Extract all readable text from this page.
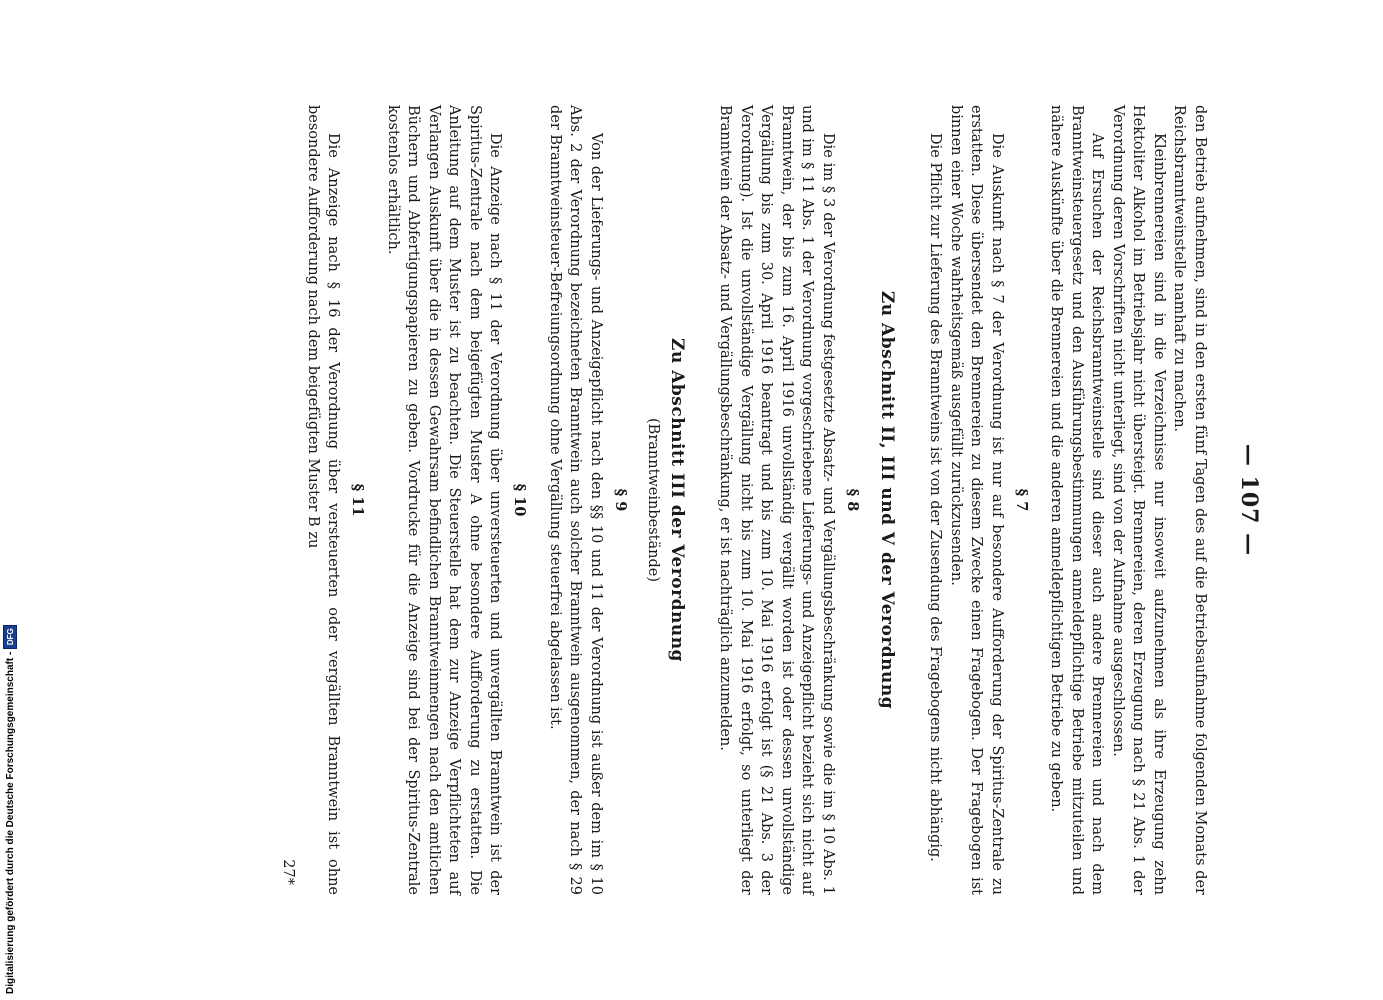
— 107 —

den Betrieb aufnehmen, sind in den ersten fünf Tagen des auf die Betriebsaufnahme folgenden Monats der Reichsbranntweinstelle namhaft zu machen.

Kleinbrennereien sind in die Verzeichnisse nur insoweit aufzunehmen als ihre Erzeugung zehn Hektoliter Alkohol im Betriebsjahr nicht übersteigt. Brennereien, deren Erzeugung nach § 21 Abs. 1 der Verordnung deren Vorschriften nicht unterliegt, sind von der Aufnahme ausgeschlossen.

Auf Ersuchen der Reichsbranntweinstelle sind dieser auch andere Brennereien und nach dem Branntweinsteuergesetz und den Ausführungsbestimmungen anmeldepflichtige Betriebe mitzuteilen und nähere Auskünfte über die Brennereien und die anderen anmeldepflichtigen Betriebe zu geben.

§ 7

Die Auskunft nach § 7 der Verordnung ist nur auf besondere Aufforderung der Spiritus-Zentrale zu erstatten. Diese übersendet den Brennereien zu diesem Zwecke einen Fragebogen. Der Fragebogen ist binnen einer Woche wahrheitsgemäß ausgefüllt zurückzusenden.

Die Pflicht zur Lieferung des Branntweins ist von der Zusendung des Fragebogens nicht abhängig.

Zu Abschnitt II, III und V der Verordnung
§ 8

Die im § 3 der Verordnung festgesetzte Absatz- und Vergällungsbeschränkung sowie die im § 10 Abs. 1 und im § 11 Abs. 1 der Verordnung vorgeschriebene Lieferungs- und Anzeigepflicht bezieht sich nicht auf Branntwein, der bis zum 16. April 1916 unvollständig vergällt worden ist oder dessen unvollständige Vergällung bis zum 30. April 1916 beantragt und bis zum 10. Mai 1916 erfolgt ist (§ 21 Abs. 3 der Verordnung). Ist die unvollständige Vergällung nicht bis zum 10. Mai 1916 erfolgt, so unterliegt der Branntwein der Absatz- und Vergällungsbeschränkung, er ist nachträglich anzumelden.

Zu Abschnitt III der Verordnung
(Branntweinbestände)
§ 9

Von der Lieferungs- und Anzeigepflicht nach den §§ 10 und 11 der Verordnung ist außer dem im § 10 Abs. 2 der Verordnung bezeichneten Branntwein auch solcher Branntwein ausgenommen, der nach § 29 der Branntweinsteuer-Befreiungsordnung ohne Vergällung steuerfrei abgelassen ist.

§ 10

Die Anzeige nach § 11 der Verordnung über unversteuerten und unvergällten Branntwein ist der Spiritus-Zentrale nach dem beigefügten Muster A ohne besondere Aufforderung zu erstatten. Die Anleitung auf dem Muster ist zu beachten. Die Steuerstelle hat dem zur Anzeige Verpflichteten auf Verlangen Auskunft über die in dessen Gewahrsam befindlichen Branntweinmengen nach den amtlichen Büchern und Abfertigungspapieren zu geben. Vordrucke für die Anzeige sind bei der Spiritus-Zentrale kostenlos erhältlich.

§ 11

Die Anzeige nach § 16 der Verordnung über versteuerten oder vergällten Branntwein ist ohne besondere Aufforderung nach dem beigefügten Muster B zu

27*
Digitalisierung gefördert durch die Deutsche Forschungsgemeinschaft -
DFG
